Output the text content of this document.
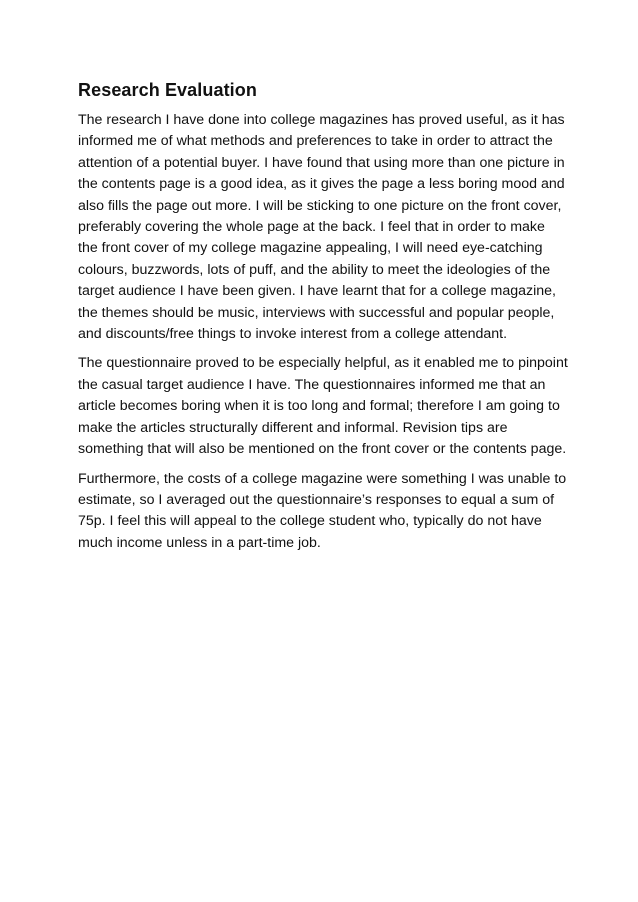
Research Evaluation

The research I have done into college magazines has proved useful, as it has informed me of what methods and preferences to take in order to attract the attention of a potential buyer. I have found that using more than one picture in the contents page is a good idea, as it gives the page a less boring mood and also fills the page out more. I will be sticking to one picture on the front cover, preferably covering the whole page at the back. I feel that in order to make the front cover of my college magazine appealing, I will need eye-catching colours, buzzwords, lots of puff, and the ability to meet the ideologies of the target audience I have been given. I have learnt that for a college magazine, the themes should be music, interviews with successful and popular people, and discounts/free things to invoke interest from a college attendant.

The questionnaire proved to be especially helpful, as it enabled me to pinpoint the casual target audience I have. The questionnaires informed me that an article becomes boring when it is too long and formal; therefore I am going to make the articles structurally different and informal. Revision tips are something that will also be mentioned on the front cover or the contents page.

Furthermore, the costs of a college magazine were something I was unable to estimate, so I averaged out the questionnaire’s responses to equal a sum of 75p. I feel this will appeal to the college student who, typically do not have much income unless in a part-time job.
